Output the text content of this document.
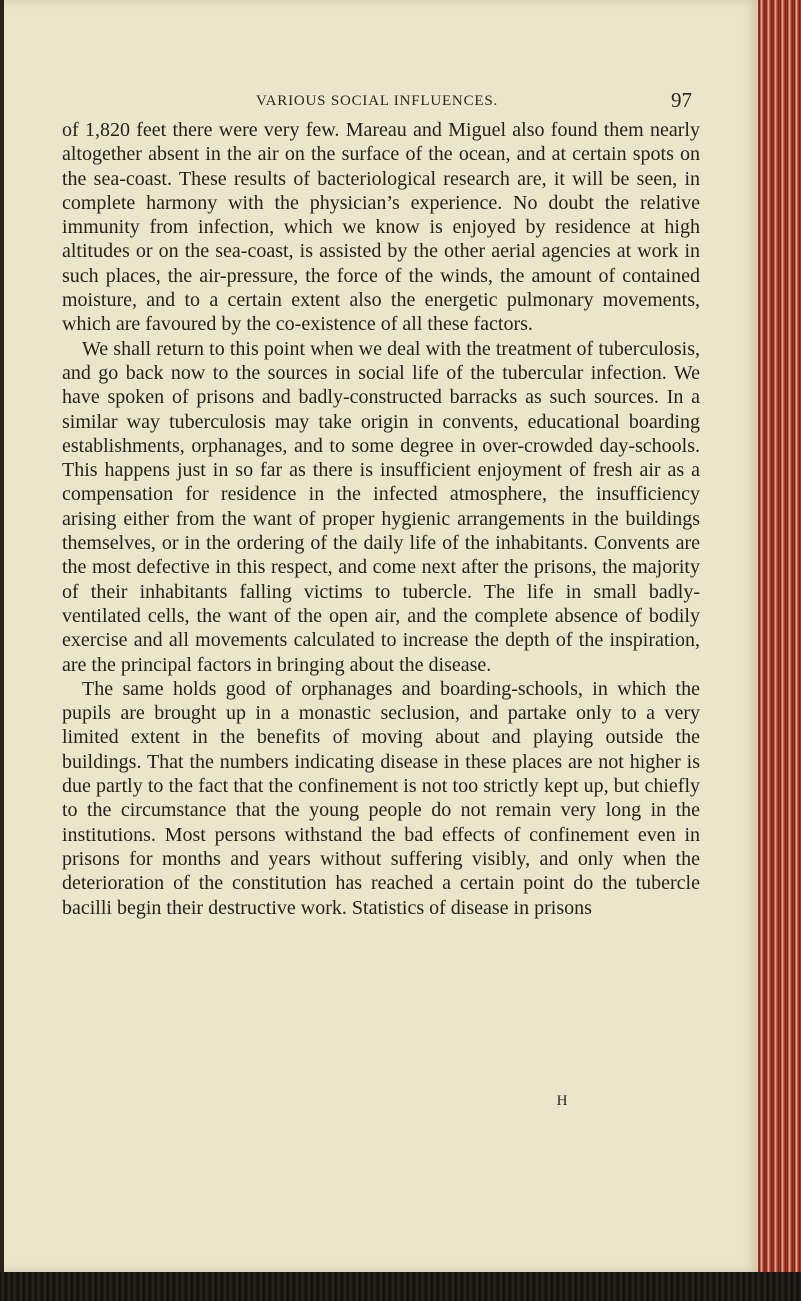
VARIOUS SOCIAL INFLUENCES.	97

of 1,820 feet there were very few. Mareau and Miguel also found them nearly altogether absent in the air on the surface of the ocean, and at certain spots on the sea-coast. These results of bacteriological research are, it will be seen, in complete harmony with the physician’s experience. No doubt the relative immunity from infection, which we know is enjoyed by residence at high altitudes or on the sea-coast, is assisted by the other aerial agencies at work in such places, the air-pressure, the force of the winds, the amount of contained moisture, and to a certain extent also the energetic pulmonary movements, which are favoured by the co-existence of all these factors.

We shall return to this point when we deal with the treatment of tuberculosis, and go back now to the sources in social life of the tubercular infection. We have spoken of prisons and badly-constructed barracks as such sources. In a similar way tuberculosis may take origin in convents, educational boarding establishments, orphanages, and to some degree in over-crowded day-schools. This happens just in so far as there is insufficient enjoyment of fresh air as a compensation for residence in the infected atmosphere, the insufficiency arising either from the want of proper hygienic arrangements in the buildings themselves, or in the ordering of the daily life of the inhabitants. Convents are the most defective in this respect, and come next after the prisons, the majority of their inhabitants falling victims to tubercle. The life in small badly-ventilated cells, the want of the open air, and the complete absence of bodily exercise and all movements calculated to increase the depth of the inspiration, are the principal factors in bringing about the disease.

The same holds good of orphanages and boarding-schools, in which the pupils are brought up in a monastic seclusion, and partake only to a very limited extent in the benefits of moving about and playing outside the buildings. That the numbers indicating disease in these places are not higher is due partly to the fact that the confinement is not too strictly kept up, but chiefly to the circumstance that the young people do not remain very long in the institutions. Most persons withstand the bad effects of confinement even in prisons for months and years without suffering visibly, and only when the deterioration of the constitution has reached a certain point do the tubercle bacilli begin their destructive work. Statistics of disease in prisons

H
